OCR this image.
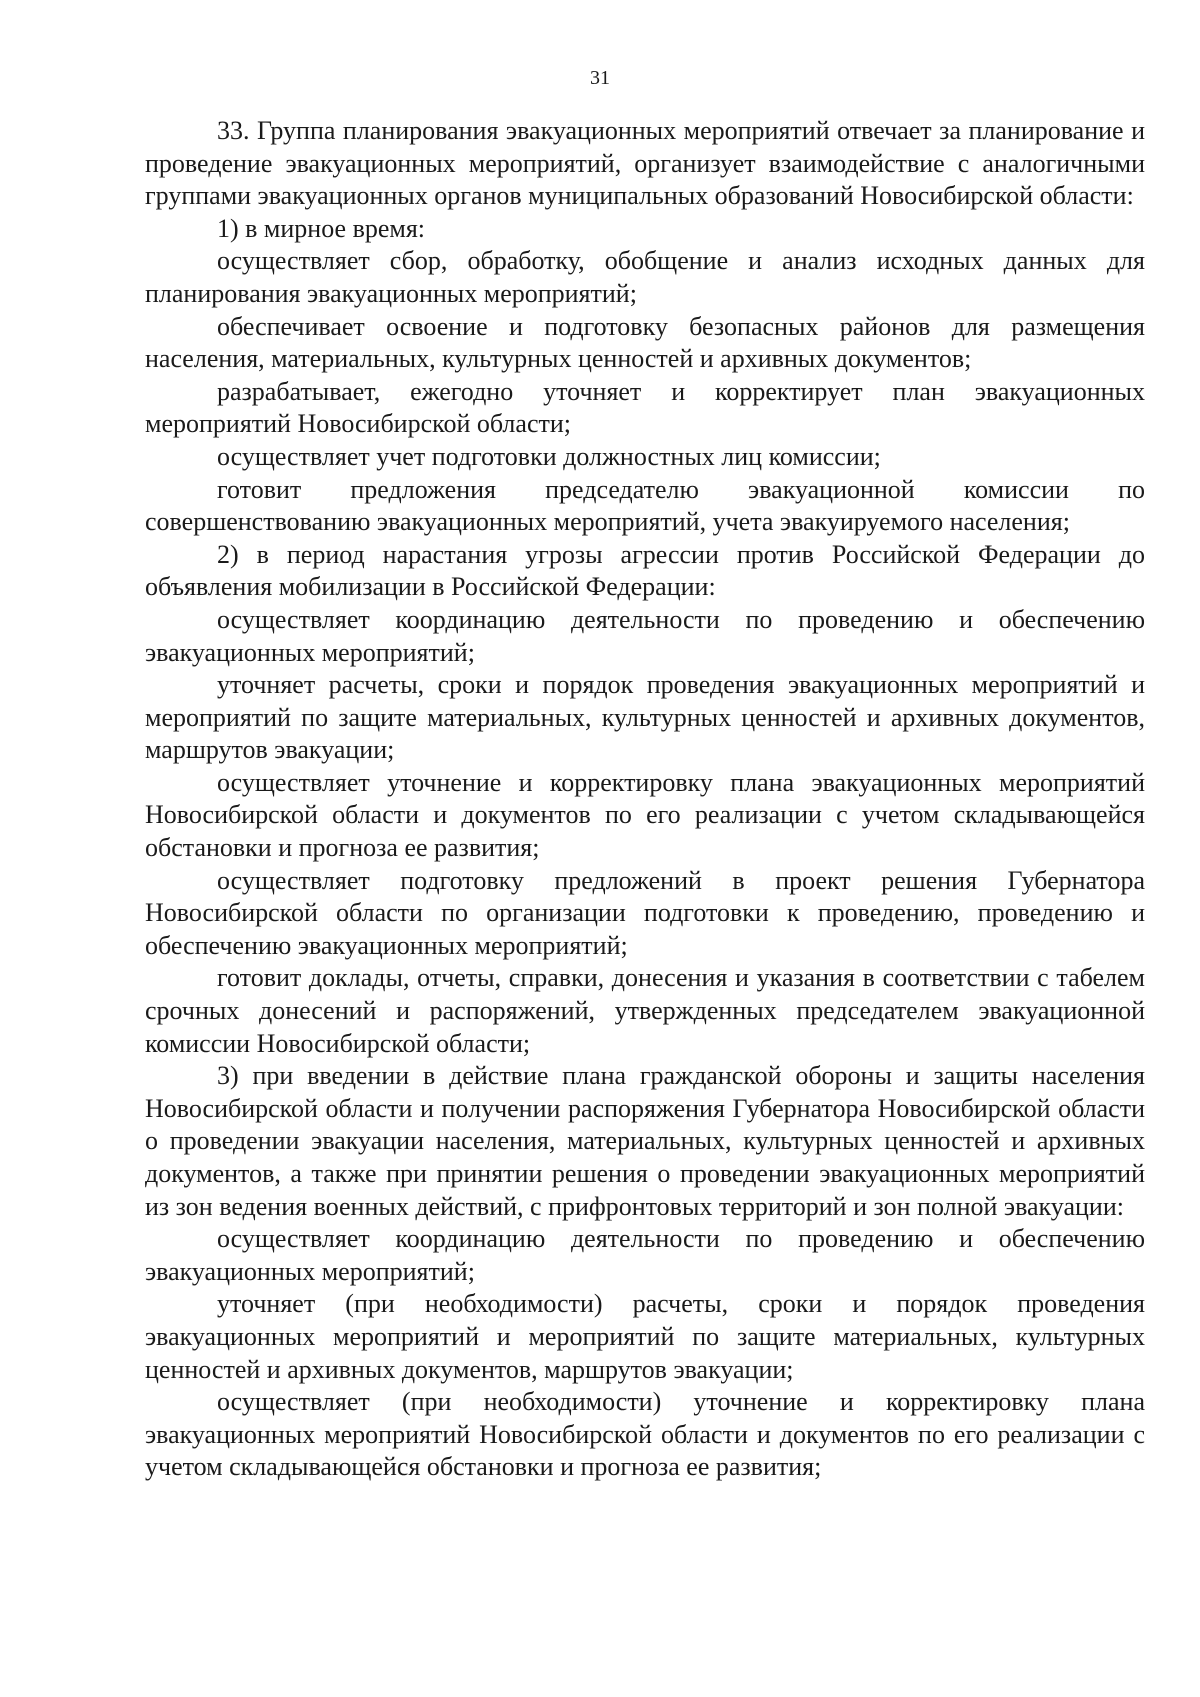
31

33. Группа планирования эвакуационных мероприятий отвечает за планирование и проведение эвакуационных мероприятий, организует взаимодействие с аналогичными группами эвакуационных органов муниципальных образований Новосибирской области:

1) в мирное время:

осуществляет сбор, обработку, обобщение и анализ исходных данных для планирования эвакуационных мероприятий;

обеспечивает освоение и подготовку безопасных районов для размещения населения, материальных, культурных ценностей и архивных документов;

разрабатывает, ежегодно уточняет и корректирует план эвакуационных мероприятий Новосибирской области;

осуществляет учет подготовки должностных лиц комиссии;

готовит предложения председателю эвакуационной комиссии по совершенствованию эвакуационных мероприятий, учета эвакуируемого населения;

2) в период нарастания угрозы агрессии против Российской Федерации до объявления мобилизации в Российской Федерации:

осуществляет координацию деятельности по проведению и обеспечению эвакуационных мероприятий;

уточняет расчеты, сроки и порядок проведения эвакуационных мероприятий и мероприятий по защите материальных, культурных ценностей и архивных документов, маршрутов эвакуации;

осуществляет уточнение и корректировку плана эвакуационных мероприятий Новосибирской области и документов по его реализации с учетом складывающейся обстановки и прогноза ее развития;

осуществляет подготовку предложений в проект решения Губернатора Новосибирской области по организации подготовки к проведению, проведению и обеспечению эвакуационных мероприятий;

готовит доклады, отчеты, справки, донесения и указания в соответствии с табелем срочных донесений и распоряжений, утвержденных председателем эвакуационной комиссии Новосибирской области;

3) при введении в действие плана гражданской обороны и защиты населения Новосибирской области и получении распоряжения Губернатора Новосибирской области о проведении эвакуации населения, материальных, культурных ценностей и архивных документов, а также при принятии решения о проведении эвакуационных мероприятий из зон ведения военных действий, с прифронтовых территорий и зон полной эвакуации:

осуществляет координацию деятельности по проведению и обеспечению эвакуационных мероприятий;

уточняет (при необходимости) расчеты, сроки и порядок проведения эвакуационных мероприятий и мероприятий по защите материальных, культурных ценностей и архивных документов, маршрутов эвакуации;

осуществляет (при необходимости) уточнение и корректировку плана эвакуационных мероприятий Новосибирской области и документов по его реализации с учетом складывающейся обстановки и прогноза ее развития;
